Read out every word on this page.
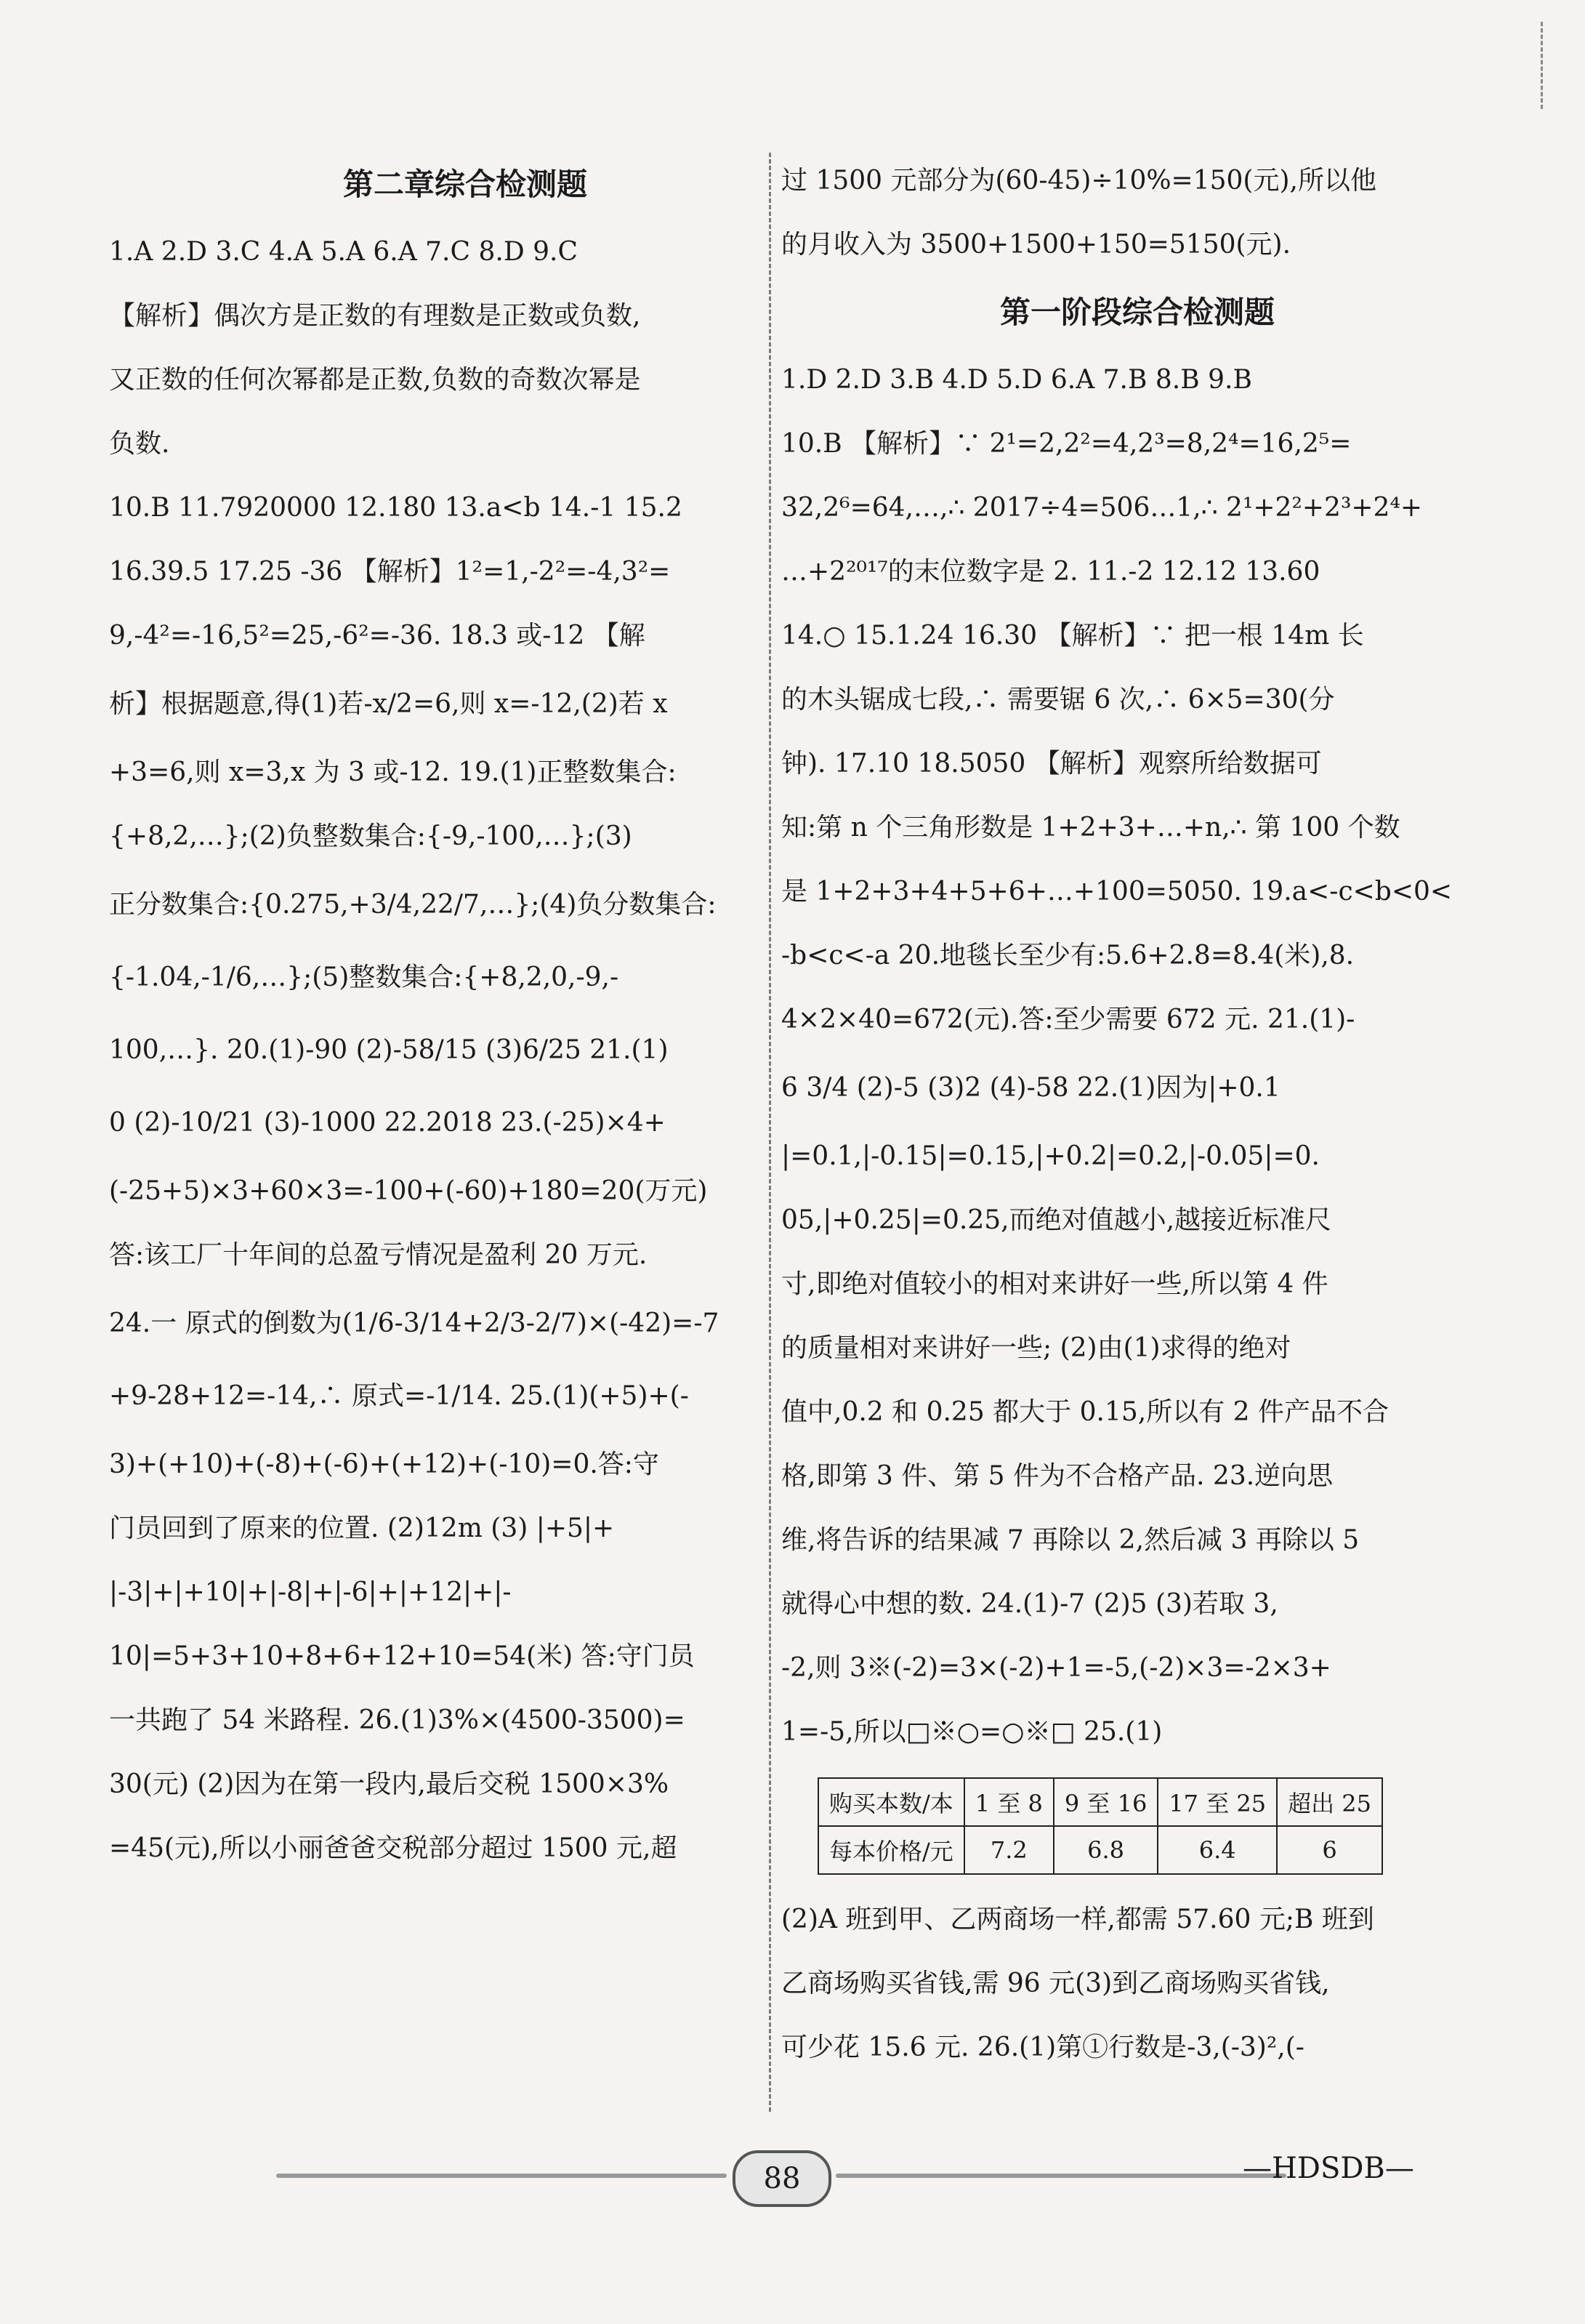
第二章综合检测题
1.A 2.D 3.C 4.A 5.A 6.A 7.C 8.D 9.C
【解析】偶次方是正数的有理数是正数或负数,
又正数的任何次幂都是正数,负数的奇数次幂是
负数.
10.B 11.7920000 12.180 13.a<b 14.-1 15.2
16.39.5 17.25 -36 【解析】1²=1,-2²=-4,3²=
9,-4²=-16,5²=25,-6²=-36. 18.3 或-12 【解
析】根据题意,得(1)若-x/2=6,则 x=-12,(2)若 x
+3=6,则 x=3,x 为 3 或-12. 19.(1)正整数集合:
{+8,2,…};(2)负整数集合:{-9,-100,…};(3)
正分数集合:{0.275,+3/4,22/7,…};(4)负分数集合:
{-1.04,-1/6,…};(5)整数集合:{+8,2,0,-9,-
100,…}. 20.(1)-90 (2)-58/15 (3)6/25 21.(1)
0 (2)-10/21 (3)-1000 22.2018 23.(-25)×4+
(-25+5)×3+60×3=-100+(-60)+180=20(万元)
答:该工厂十年间的总盈亏情况是盈利 20 万元.
24.一 原式的倒数为(1/6-3/14+2/3-2/7)×(-42)=-7
+9-28+12=-14,∴ 原式=-1/14. 25.(1)(+5)+(-
3)+(+10)+(-8)+(-6)+(+12)+(-10)=0.答:守
门员回到了原来的位置. (2)12m (3) |+5|+
|-3|+|+10|+|-8|+|-6|+|+12|+|-
10|=5+3+10+8+6+12+10=54(米) 答:守门员
一共跑了 54 米路程. 26.(1)3%×(4500-3500)=
30(元) (2)因为在第一段内,最后交税 1500×3%
=45(元),所以小丽爸爸交税部分超过 1500 元,超
过 1500 元部分为(60-45)÷10%=150(元),所以他
的月收入为 3500+1500+150=5150(元).
第一阶段综合检测题
1.D 2.D 3.B 4.D 5.D 6.A 7.B 8.B 9.B
10.B 【解析】∵ 2¹=2,2²=4,2³=8,2⁴=16,2⁵=
32,2⁶=64,…,∴ 2017÷4=506…1,∴ 2¹+2²+2³+2⁴+
…+2²⁰¹⁷的末位数字是 2. 11.-2 12.12 13.60
14.○ 15.1.24 16.30 【解析】∵ 把一根 14m 长
的木头锯成七段,∴ 需要锯 6 次,∴ 6×5=30(分
钟). 17.10 18.5050 【解析】观察所给数据可
知:第 n 个三角形数是 1+2+3+…+n,∴ 第 100 个数
是 1+2+3+4+5+6+…+100=5050. 19.a<-c<b<0<
-b<c<-a 20.地毯长至少有:5.6+2.8=8.4(米),8.
4×2×40=672(元).答:至少需要 672 元. 21.(1)-
6 3/4 (2)-5 (3)2 (4)-58 22.(1)因为|+0.1
|=0.1,|-0.15|=0.15,|+0.2|=0.2,|-0.05|=0.
05,|+0.25|=0.25,而绝对值越小,越接近标准尺
寸,即绝对值较小的相对来讲好一些,所以第 4 件
的质量相对来讲好一些; (2)由(1)求得的绝对
值中,0.2 和 0.25 都大于 0.15,所以有 2 件产品不合
格,即第 3 件、第 5 件为不合格产品. 23.逆向思
维,将告诉的结果减 7 再除以 2,然后减 3 再除以 5
就得心中想的数. 24.(1)-7 (2)5 (3)若取 3,
-2,则 3※(-2)=3×(-2)+1=-5,(-2)×3=-2×3+
1=-5,所以□※○=○※□ 25.(1)
购买本数/本	1 至 8	9 至 16	17 至 25	超出 25
每本价格/元	7.2	6.8	6.4	6
(2)A 班到甲、乙两商场一样,都需 57.60 元;B 班到
乙商场购买省钱,需 96 元(3)到乙商场购买省钱,
可少花 15.6 元. 26.(1)第①行数是-3,(-3)²,(-
88	—HDSDB—
